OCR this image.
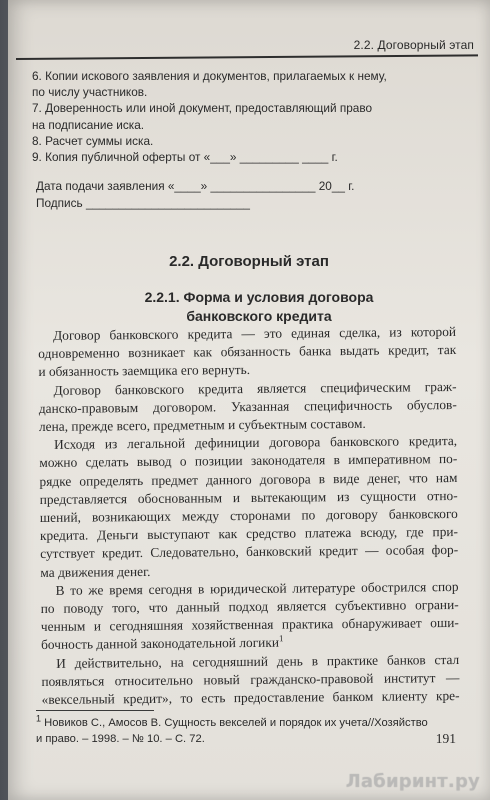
2.2. Договорный этап
6. Копии искового заявления и документов, прилагаемых к нему,
по числу участников.
7. Доверенность или иной документ, предоставляющий право
на подписание иска.
8. Расчет суммы иска.
9. Копия публичной оферты от «___» _________ ____ г.
Дата подачи заявления «____» ________________ 20__ г.
Подпись _________________________
2.2. Договорный этап
2.2.1. Форма и условия договора
банковского кредита

Договор банковского кредита — это единая сделка, из которой
одновременно возникает как обязанность банка выдать кредит, так
и обязанность заемщика его вернуть.

Договор банковского кредита является специфическим граж-
данско-правовым договором. Указанная специфичность обуслов-
лена, прежде всего, предметным и субъектным составом.

Исходя из легальной дефиниции договора банковского кредита,
можно сделать вывод о позиции законодателя в императивном по-
рядке определять предмет данного договора в виде денег, что нам
представляется обоснованным и вытекающим из сущности отно-
шений, возникающих между сторонами по договору банковского
кредита. Деньги выступают как средство платежа всюду, где при-
сутствует кредит. Следовательно, банковский кредит — особая фор-
ма движения денег.

В то же время сегодня в юридической литературе обострился спор
по поводу того, что данный подход является субъективно ограни-
ченным и сегодняшняя хозяйственная практика обнаруживает оши-
бочность данной законодательной логики$^1$

И действительно, на сегодняшний день в практике банков стал
появляться относительно новый гражданско-правовой институт —
«вексельный кредит», то есть предоставление банком клиенту кре-

$^1$ Новиков С., Амосов В. Сущность векселей и порядок их учета//Хозяйство
и право. – 1998. – № 10. – С. 72.	191
Лабиринт.ру
